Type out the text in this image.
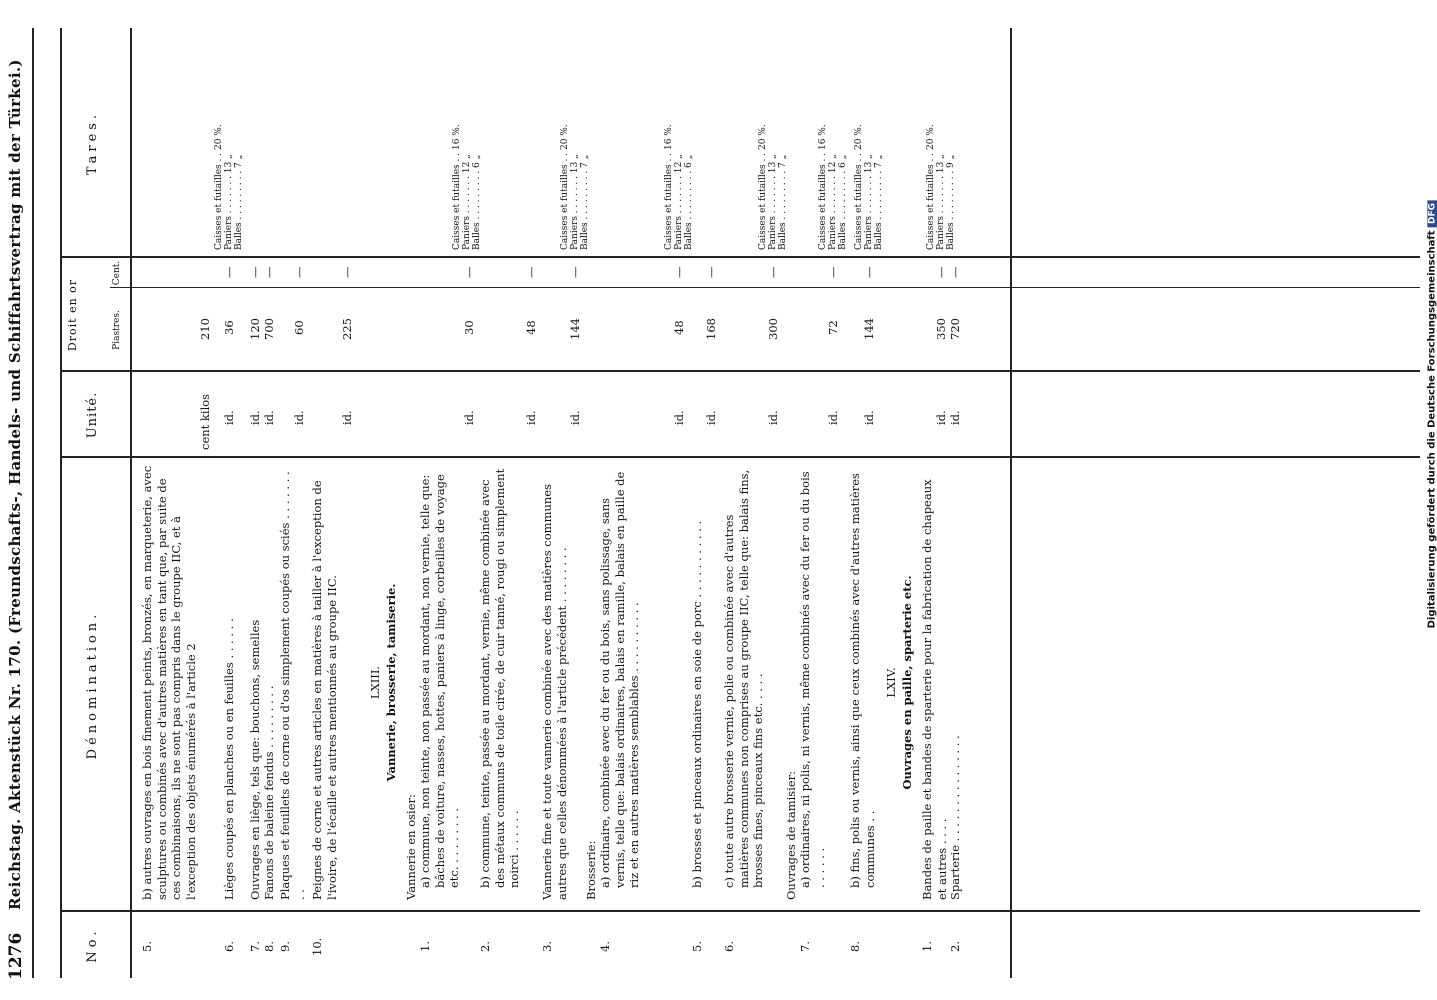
1276
Reichstag. Aktenstück Nr. 170. (Freundschafts-, Handels- und Schiffahrtsvertrag mit der Türkei.)
No.
Dénomination.
Unité.
Droit en or	Piastres.
Cent.
Tares.
5.
b) autres ouvrages en bois finement peints, bronzés, en marqueterie, avec sculptures ou combinés avec d'autres matières en tant que, par suite de ces combinaisons, ils ne sont pas compris dans le groupe IIC, et à l'exception des objets énumérés à l'article 2
cent kilos
210
6.
Lièges coupés en planches ou en feuilles . . . . . .
id.
36
—
Caisses et futailles . . 20 %. Paniers . . . . . . . 13 „ Balles . . . . . . . . . 7 „
7.
Ouvrages en liège, tels que: bouchons, semelles
id.
120
—
8.
Fanons de baleine fendus . . . . . . . . .
id.
700
—
9.
Plaques et feuillets de corne ou d'os simplement coupés ou sciés . . . . . . . . .
id.
60
—
10.
Peignes de corne et autres articles en matières à tailler à l'exception de l'ivoire, de l'écaille et autres mentionnés au groupe IIC.
id.
225
—
LXIII. Vannerie, brosserie, tamiserie.
Vannerie en osier:
1.
a) commune, non teinte, non passée au mordant, non vernie, telle que: bâches de voiture, nasses, hottes, paniers à linge, corbeilles de voyage etc. . . . . . . . .
id.
30
—
Caisses et futailles . . 16 %. Paniers . . . . . . . 12 „ Balles . . . . . . . . . 6 „
2.
b) commune, teinte, passée au mordant, vernie, même combinée avec des métaux communs de toile cirée, de cuir tanné, rougi ou simplement noirci . . . . . .
id.
48
—
3.
Vannerie fine et toute vannerie combinée avec des matières communes autres que celles dénommées à l'article précédent . . . . . . . .
id.
144
—
Caisses et futailles . . 20 %. Paniers . . . . . . . 13 „ Balles . . . . . . . . . 7 „
Brosserie:
4.
a) ordinaire, combinée avec du fer ou du bois, sans polissage, sans vernis, telle que: balais ordinaires, balais en ramille, balais en paille de riz et en autres matières semblables . . . . . . . . . .
id.
48
—
Caisses et futailles . . 16 %. Paniers . . . . . . . 12 „ Balles . . . . . . . . . 6 „
5.
b) brosses et pinceaux ordinaires en soie de porc . . . . . . . . . . .
id.
168
—
6.
c) toute autre brosserie vernie, polie ou combinée avec d'autres matières communes non comprises au groupe IIC, telle que: balais fins, brosses fines, pinceaux fins etc. . . . .
id.
300
—
Caisses et futailles . . 20 %. Paniers . . . . . . . 13 „ Balles . . . . . . . . . 7 „
Ouvrages de tamisier:
7.
a) ordinaires, ni polis, ni vernis, même combinés avec du fer ou du bois . . . . . .
id.
72
—
Caisses et futailles . . 16 %. Paniers . . . . . . . 12 „ Balles . . . . . . . . . 6 „
8.
b) fins, polis ou vernis, ainsi que ceux combinés avec d'autres matières communes . .
id.
144
—
Caisses et futailles . . 20 %. Paniers . . . . . . . 13 „ Balles . . . . . . . . . 7 „
LXIV. Ouvrages en paille, sparterie etc.
1.
Bandes de paille et bandes de sparterie pour la fabrication de chapeaux et autres . . . .
id.
350
—
Caisses et futailles . . 20 %. Paniers . . . . . . . 13 „ Balles . . . . . . . . . 9 „
2.
Sparterie . . . . . . . . . . . . . . .
id.
720
—	Digitalisierung gefördert durch die Deutsche Forschungsgemeinschaft DFG
